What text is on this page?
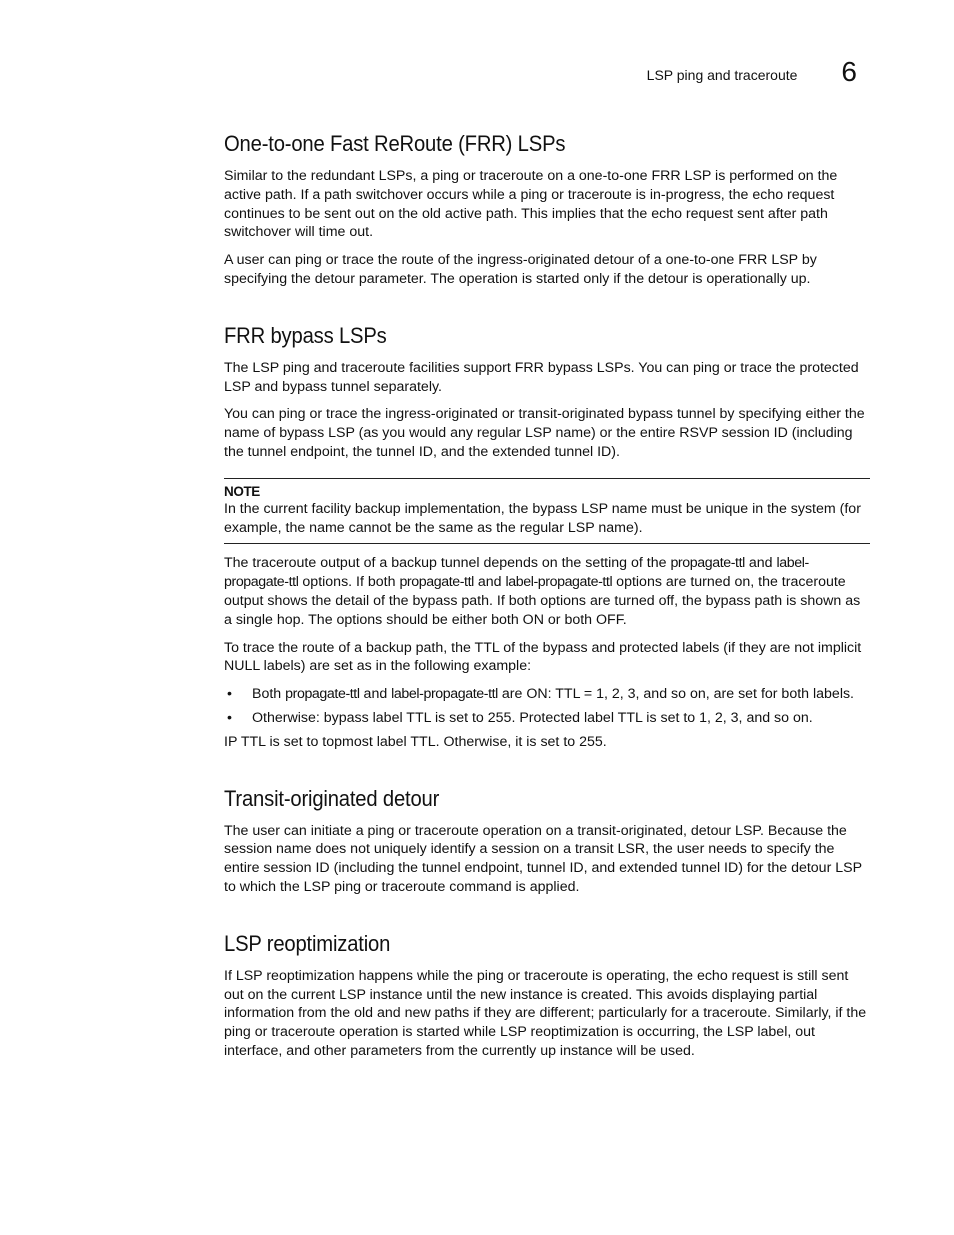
LSP ping and traceroute 6
One-to-one Fast ReRoute (FRR) LSPs

Similar to the redundant LSPs, a ping or traceroute on a one-to-one FRR LSP is performed on the active path. If a path switchover occurs while a ping or traceroute is in-progress, the echo request continues to be sent out on the old active path. This implies that the echo request sent after path switchover will time out.

A user can ping or trace the route of the ingress-originated detour of a one-to-one FRR LSP by specifying the detour parameter. The operation is started only if the detour is operationally up.

FRR bypass LSPs

The LSP ping and traceroute facilities support FRR bypass LSPs. You can ping or trace the protected LSP and bypass tunnel separately.

You can ping or trace the ingress-originated or transit-originated bypass tunnel by specifying either the name of bypass LSP (as you would any regular LSP name) or the entire RSVP session ID (including the tunnel endpoint, the tunnel ID, and the extended tunnel ID).

NOTE

In the current facility backup implementation, the bypass LSP name must be unique in the system (for example, the name cannot be the same as the regular LSP name).

The traceroute output of a backup tunnel depends on the setting of the propagate-ttl and label-propagate-ttl options. If both propagate-ttl and label-propagate-ttl options are turned on, the traceroute output shows the detail of the bypass path. If both options are turned off, the bypass path is shown as a single hop. The options should be either both ON or both OFF.

To trace the route of a backup path, the TTL of the bypass and protected labels (if they are not implicit NULL labels) are set as in the following example:

• Both propagate-ttl and label-propagate-ttl are ON: TTL = 1, 2, 3, and so on, are set for both labels.
• Otherwise: bypass label TTL is set to 255. Protected label TTL is set to 1, 2, 3, and so on.

IP TTL is set to topmost label TTL. Otherwise, it is set to 255.

Transit-originated detour

The user can initiate a ping or traceroute operation on a transit-originated, detour LSP. Because the session name does not uniquely identify a session on a transit LSR, the user needs to specify the entire session ID (including the tunnel endpoint, tunnel ID, and extended tunnel ID) for the detour LSP to which the LSP ping or traceroute command is applied.

LSP reoptimization

If LSP reoptimization happens while the ping or traceroute is operating, the echo request is still sent out on the current LSP instance until the new instance is created. This avoids displaying partial information from the old and new paths if they are different; particularly for a traceroute. Similarly, if the ping or traceroute operation is started while LSP reoptimization is occurring, the LSP label, out interface, and other parameters from the currently up instance will be used.
